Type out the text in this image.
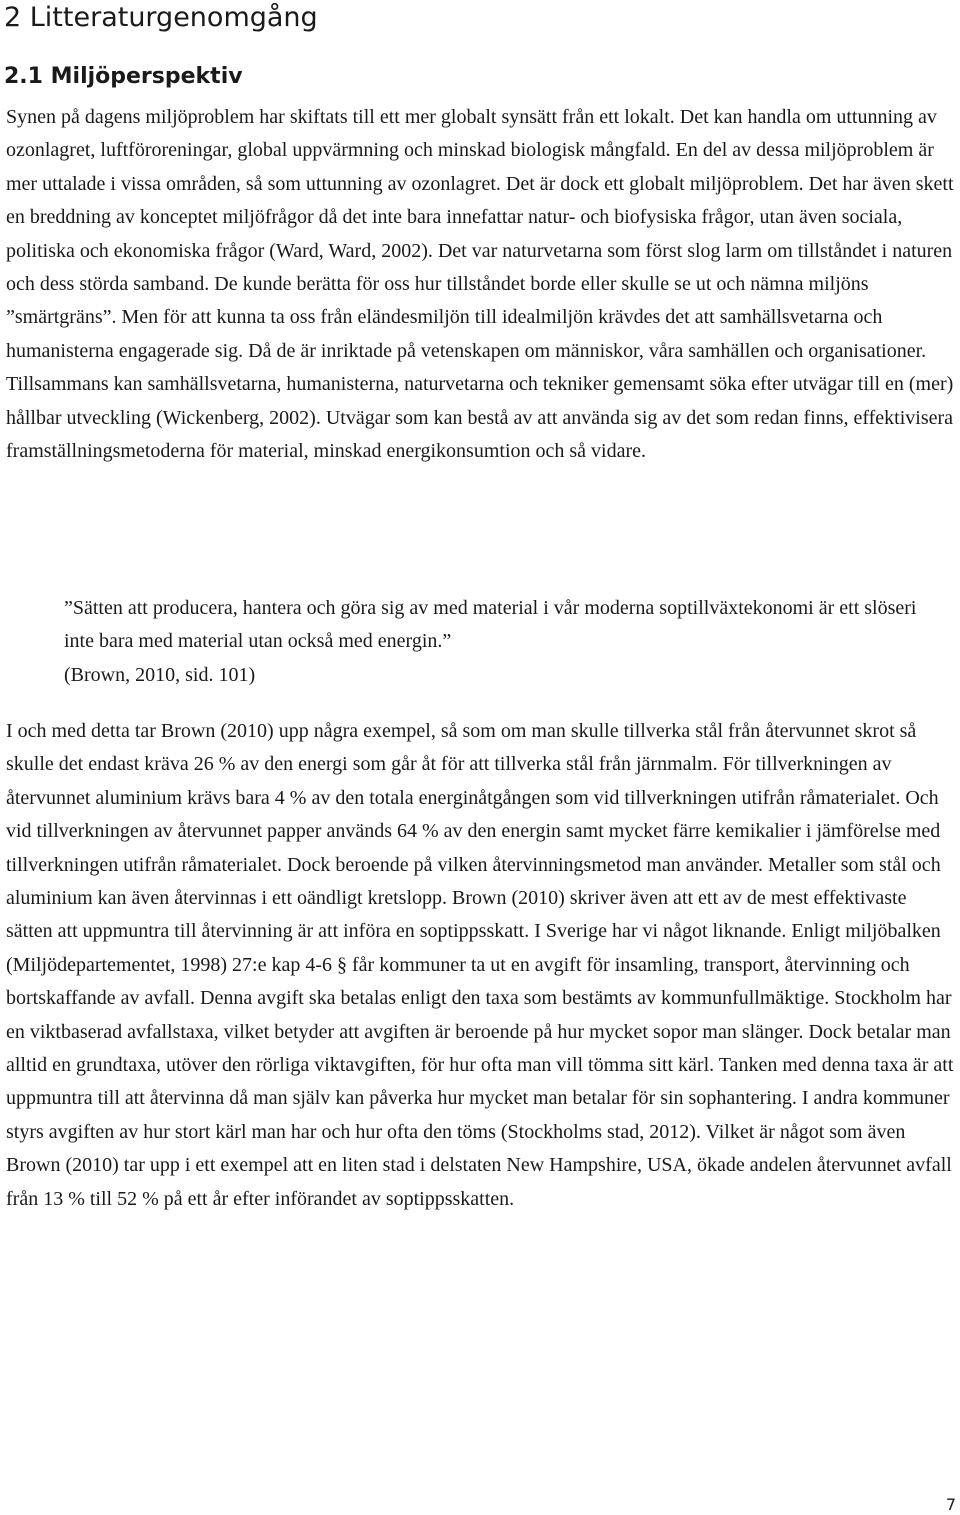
2 Litteraturgenomgång
2.1 Miljöperspektiv

Synen på dagens miljöproblem har skiftats till ett mer globalt synsätt från ett lokalt. Det kan handla om uttunning av ozonlagret, luftföroreningar, global uppvärmning och minskad biologisk mångfald. En del av dessa miljöproblem är mer uttalade i vissa områden, så som uttunning av ozonlagret. Det är dock ett globalt miljöproblem. Det har även skett en breddning av konceptet miljöfrågor då det inte bara innefattar natur- och biofysiska frågor, utan även sociala, politiska och ekonomiska frågor (Ward, Ward, 2002). Det var naturvetarna som först slog larm om tillståndet i naturen och dess störda samband. De kunde berätta för oss hur tillståndet borde eller skulle se ut och nämna miljöns ”smärtgräns”. Men för att kunna ta oss från eländesmiljön till idealmiljön krävdes det att samhällsvetarna och humanisterna engagerade sig. Då de är inriktade på vetenskapen om människor, våra samhällen och organisationer. Tillsammans kan samhällsvetarna, humanisterna, naturvetarna och tekniker gemensamt söka efter utvägar till en (mer) hållbar utveckling (Wickenberg, 2002). Utvägar som kan bestå av att använda sig av det som redan finns, effektivisera framställningsmetoderna för material, minskad energikonsumtion och så vidare.

”Sätten att producera, hantera och göra sig av med material i vår moderna soptillväxtekonomi är ett slöseri inte bara med material utan också med energin.”
(Brown, 2010, sid. 101)

I och med detta tar Brown (2010) upp några exempel, så som om man skulle tillverka stål från återvunnet skrot så skulle det endast kräva 26 % av den energi som går åt för att tillverka stål från järnmalm. För tillverkningen av återvunnet aluminium krävs bara 4 % av den totala energinåtgången som vid tillverkningen utifrån råmaterialet. Och vid tillverkningen av återvunnet papper används 64 % av den energin samt mycket färre kemikalier i jämförelse med tillverkningen utifrån råmaterialet. Dock beroende på vilken återvinningsmetod man använder. Metaller som stål och aluminium kan även återvinnas i ett oändligt kretslopp. Brown (2010) skriver även att ett av de mest effektivaste sätten att uppmuntra till återvinning är att införa en soptippsskatt. I Sverige har vi något liknande. Enligt miljöbalken (Miljödepartementet, 1998) 27:e kap 4-6 § får kommuner ta ut en avgift för insamling, transport, återvinning och bortskaffande av avfall. Denna avgift ska betalas enligt den taxa som bestämts av kommunfullmäktige. Stockholm har en viktbaserad avfallstaxa, vilket betyder att avgiften är beroende på hur mycket sopor man slänger. Dock betalar man alltid en grundtaxa, utöver den rörliga viktavgiften, för hur ofta man vill tömma sitt kärl. Tanken med denna taxa är att uppmuntra till att återvinna då man själv kan påverka hur mycket man betalar för sin sophantering. I andra kommuner styrs avgiften av hur stort kärl man har och hur ofta den töms (Stockholms stad, 2012). Vilket är något som även Brown (2010) tar upp i ett exempel att en liten stad i delstaten New Hampshire, USA, ökade andelen återvunnet avfall från 13 % till 52 % på ett år efter införandet av soptippsskatten.

7
